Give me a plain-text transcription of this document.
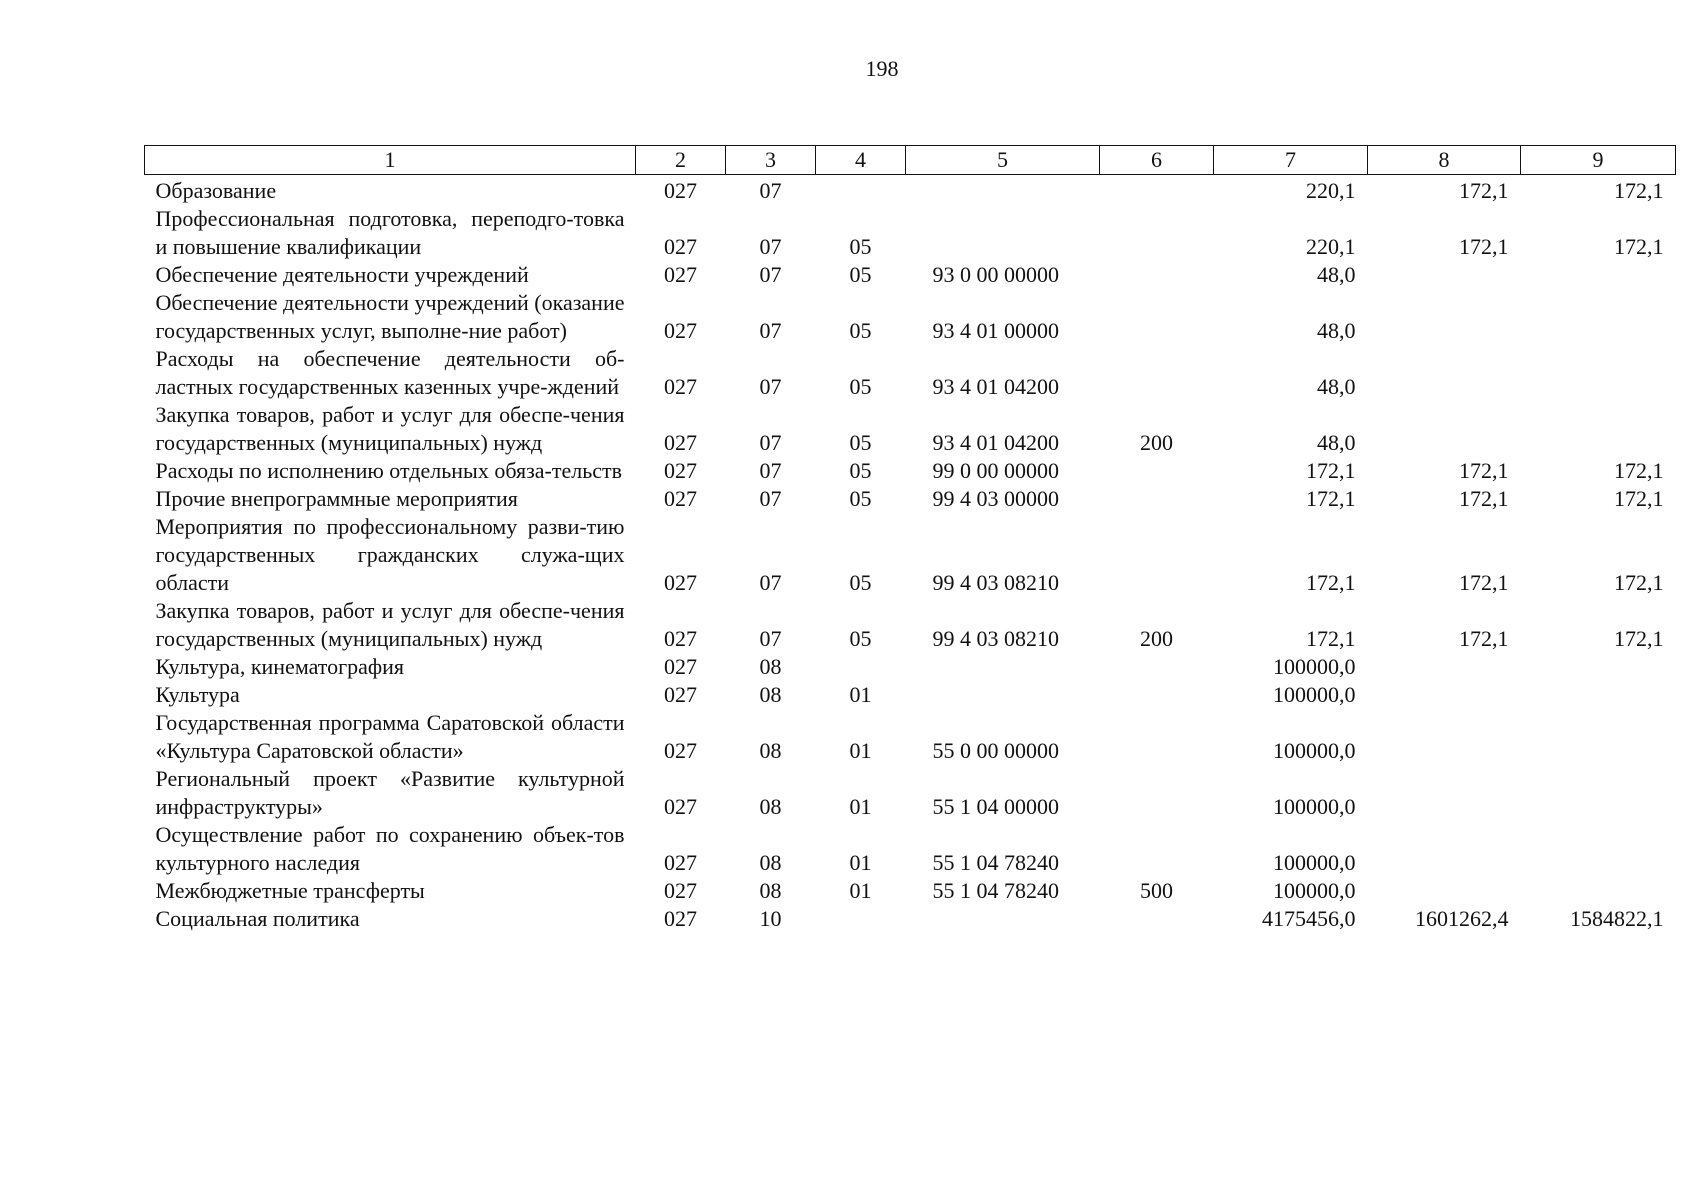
198
1	2	3	4	5	6	7	8	9
Образование	027	07				220,1	172,1	172,1
Профессиональная подготовка, переподго-товка и повышение квалификации	027	07	05			220,1	172,1	172,1
Обеспечение деятельности учреждений	027	07	05	93 0 00 00000		48,0		
Обеспечение деятельности учреждений (оказание государственных услуг, выполне-ние работ)	027	07	05	93 4 01 00000		48,0		
Расходы на обеспечение деятельности об-ластных государственных казенных учре-ждений	027	07	05	93 4 01 04200		48,0		
Закупка товаров, работ и услуг для обеспе-чения государственных (муниципальных) нужд	027	07	05	93 4 01 04200	200	48,0		
Расходы по исполнению отдельных обяза-тельств	027	07	05	99 0 00 00000		172,1	172,1	172,1
Прочие внепрограммные мероприятия	027	07	05	99 4 03 00000		172,1	172,1	172,1
Мероприятия по профессиональному разви-тию государственных гражданских служа-щих области	027	07	05	99 4 03 08210		172,1	172,1	172,1
Закупка товаров, работ и услуг для обеспе-чения государственных (муниципальных) нужд	027	07	05	99 4 03 08210	200	172,1	172,1	172,1
Культура, кинематография	027	08				100000,0		
Культура	027	08	01			100000,0		
Государственная программа Саратовской области «Культура Саратовской области»	027	08	01	55 0 00 00000		100000,0		
Региональный проект «Развитие культурной инфраструктуры»	027	08	01	55 1 04 00000		100000,0		
Осуществление работ по сохранению объек-тов культурного наследия	027	08	01	55 1 04 78240		100000,0		
Межбюджетные трансферты	027	08	01	55 1 04 78240	500	100000,0		
Социальная политика	027	10				4175456,0	1601262,4	1584822,1
